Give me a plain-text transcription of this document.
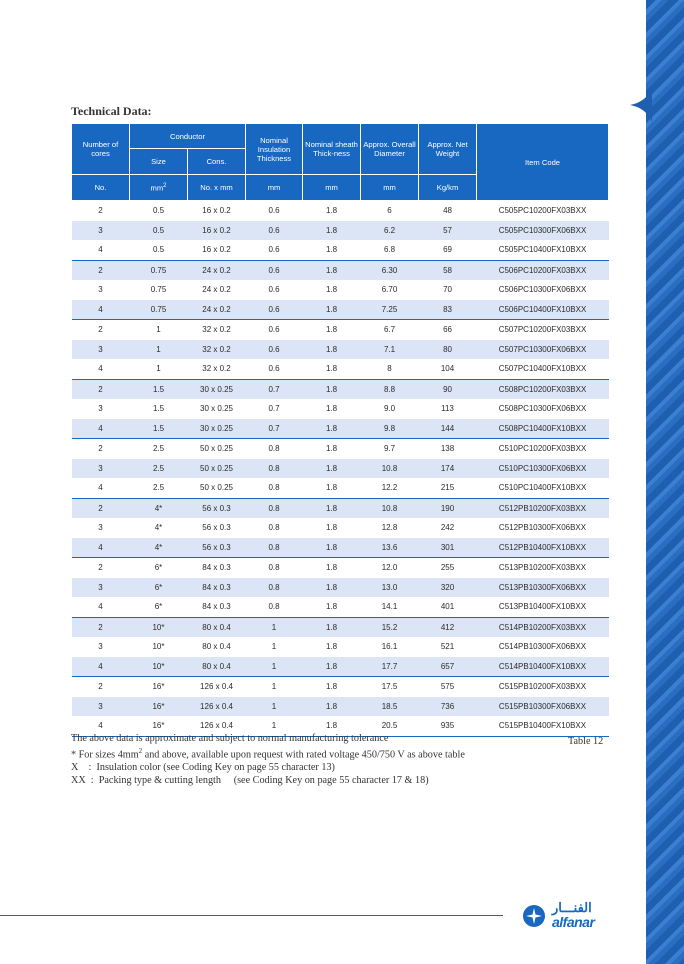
Technical Data:
Number of cores	Conductor		Nominal Insulation Thickness	Nominal sheath Thick-ness	Approx. Overall Diameter	Approx. Net Weight	Item Code
	Size	Cons.					
No.	$mm^2$	No. x mm	mm	mm	mm	Kg/km	
2	0.5	16 x 0.2	0.6	1.8	6	48	C505PC10200FX03BXX
3	0.5	16 x 0.2	0.6	1.8	6.2	57	C505PC10300FX06BXX
4	0.5	16 x 0.2	0.6	1.8	6.8	69	C505PC10400FX10BXX
2	0.75	24 x 0.2	0.6	1.8	6.30	58	C506PC10200FX03BXX
3	0.75	24 x 0.2	0.6	1.8	6.70	70	C506PC10300FX06BXX
4	0.75	24 x 0.2	0.6	1.8	7.25	83	C506PC10400FX10BXX
2	1	32 x 0.2	0.6	1.8	6.7	66	C507PC10200FX03BXX
3	1	32 x 0.2	0.6	1.8	7.1	80	C507PC10300FX06BXX
4	1	32 x 0.2	0.6	1.8	8	104	C507PC10400FX10BXX
2	1.5	30 x 0.25	0.7	1.8	8.8	90	C508PC10200FX03BXX
3	1.5	30 x 0.25	0.7	1.8	9.0	113	C508PC10300FX06BXX
4	1.5	30 x 0.25	0.7	1.8	9.8	144	C508PC10400FX10BXX
2	2.5	50 x 0.25	0.8	1.8	9.7	138	C510PC10200FX03BXX
3	2.5	50 x 0.25	0.8	1.8	10.8	174	C510PC10300FX06BXX
4	2.5	50 x 0.25	0.8	1.8	12.2	215	C510PC10400FX10BXX
2	4*	56 x 0.3	0.8	1.8	10.8	190	C512PB10200FX03BXX
3	4*	56 x 0.3	0.8	1.8	12.8	242	C512PB10300FX06BXX
4	4*	56 x 0.3	0.8	1.8	13.6	301	C512PB10400FX10BXX
2	6*	84 x 0.3	0.8	1.8	12.0	255	C513PB10200FX03BXX
3	6*	84 x 0.3	0.8	1.8	13.0	320	C513PB10300FX06BXX
4	6*	84 x 0.3	0.8	1.8	14.1	401	C513PB10400FX10BXX
2	10*	80 x 0.4	1	1.8	15.2	412	C514PB10200FX03BXX
3	10*	80 x 0.4	1	1.8	16.1	521	C514PB10300FX06BXX
4	10*	80 x 0.4	1	1.8	17.7	657	C514PB10400FX10BXX
2	16*	126 x 0.4	1	1.8	17.5	575	C515PB10200FX03BXX
3	16*	126 x 0.4	1	1.8	18.5	736	C515PB10300FX06BXX
4	16*	126 x 0.4	1	1.8	20.5	935	C515PB10400FX10BXX
The above data is approximate and subject to normal manufacturing tolerance
* For sizes $4mm^2$ and above, available upon request with rated voltage 450/750 V as above table
X    :  Insulation color (see Coding Key on page 55 character 13)
XX  :  Packing type & cutting length     (see Coding Key on page 55 character 17 & 18)
Table 12
الفنـــار
alfanar
